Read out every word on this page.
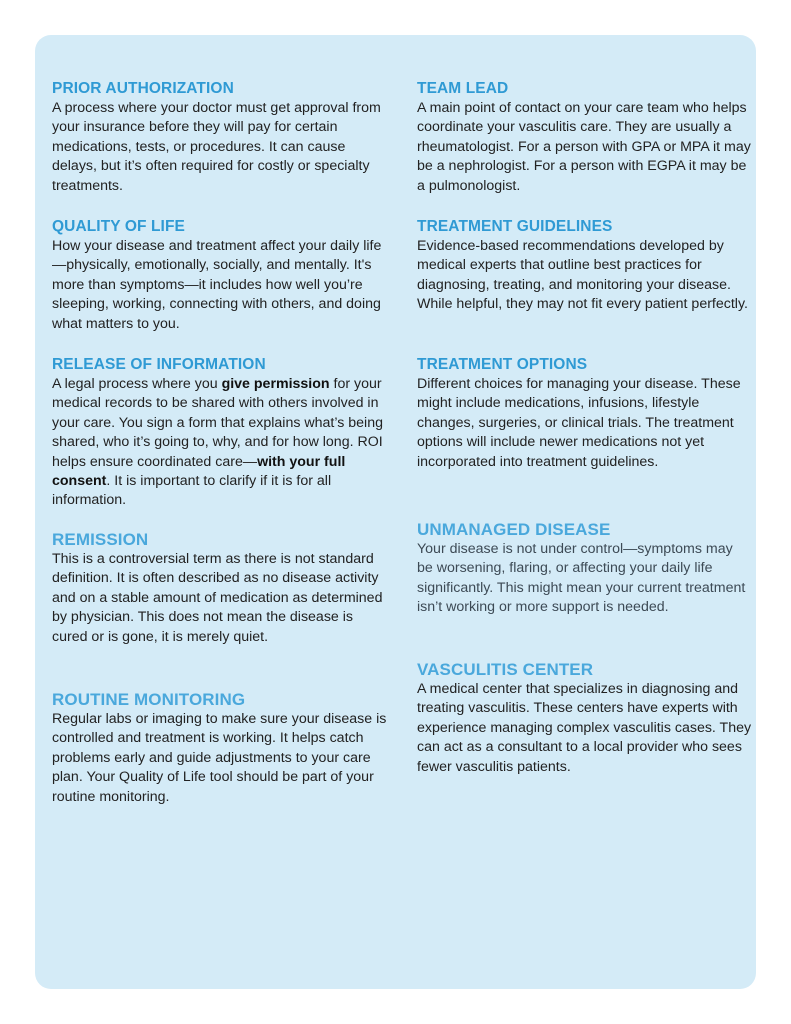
PRIOR AUTHORIZATION

A process where your doctor must get approval from your insurance before they will pay for certain medications, tests, or procedures. It can cause delays, but it’s often required for costly or specialty treatments.

QUALITY OF LIFE

How your disease and treatment affect your daily life—physically, emotionally, socially, and mentally. It's more than symptoms—it includes how well you’re sleeping, working, connecting with others, and doing what matters to you.

RELEASE OF INFORMATION

A legal process where you give permission for your medical records to be shared with others involved in your care. You sign a form that explains what’s being shared, who it’s going to, why, and for how long. ROI helps ensure coordinated care—with your full consent. It is important to clarify if it is for all information.

REMISSION

This is a controversial term as there is not standard definition. It is often described as no disease activity and on a stable amount of medication as determined by physician. This does not mean the disease is cured or is gone, it is merely quiet.

ROUTINE MONITORING

Regular labs or imaging to make sure your disease is controlled and treatment is working. It helps catch problems early and guide adjustments to your care plan. Your Quality of Life tool should be part of your routine monitoring.

TEAM LEAD

A main point of contact on your care team who helps coordinate your vasculitis care. They are usually a rheumatologist. For a person with GPA or MPA it may be a nephrologist. For a person with EGPA it may be a pulmonologist.

TREATMENT GUIDELINES

Evidence-based recommendations developed by medical experts that outline best practices for diagnosing, treating, and monitoring your disease. While helpful, they may not fit every patient perfectly.

TREATMENT OPTIONS

Different choices for managing your disease. These might include medications, infusions, lifestyle changes, surgeries, or clinical trials. The treatment options will include newer medications not yet incorporated into treatment guidelines.

UNMANAGED DISEASE

Your disease is not under control—symptoms may be worsening, flaring, or affecting your daily life significantly. This might mean your current treatment isn’t working or more support is needed.

VASCULITIS CENTER

A medical center that specializes in diagnosing and treating vasculitis. These centers have experts with experience managing complex vasculitis cases. They can act as a consultant to a local provider who sees fewer vasculitis patients.
